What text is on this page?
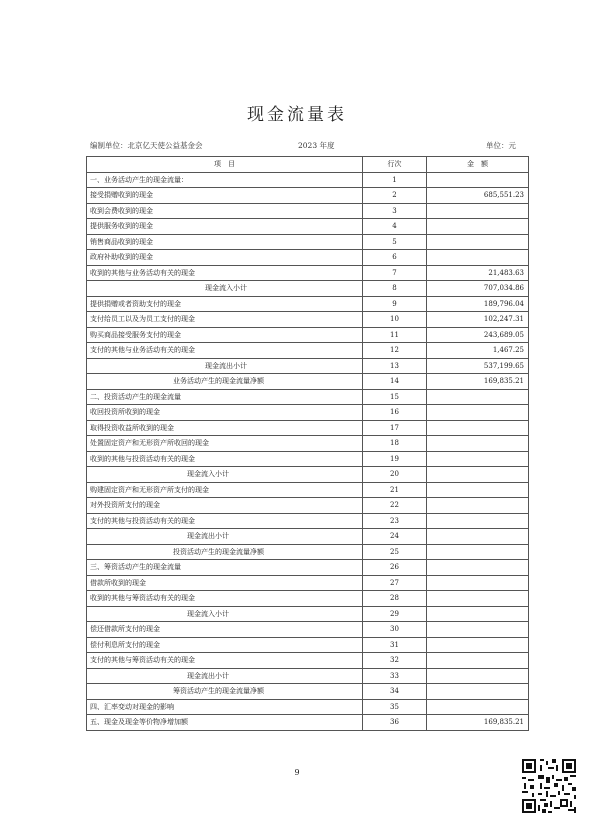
现金流量表
编制单位：北京亿天使公益基金会	2023 年度	单位：元
项　目	行次	金　额
一、业务活动产生的现金流量：	1	
接受捐赠收到的现金	2	685,551.23
收到会费收到的现金	3	
提供服务收到的现金	4	
销售商品收到的现金	5	
政府补助收到的现金	6	
收到的其他与业务活动有关的现金	7	21,483.63
现金流入小计	8	707,034.86
提供捐赠或者资助支付的现金	9	189,796.04
支付给员工以及为员工支付的现金	10	102,247.31
购买商品接受服务支付的现金	11	243,689.05
支付的其他与业务活动有关的现金	12	1,467.25
现金流出小计	13	537,199.65
业务活动产生的现金流量净额	14	169,835.21
二、投资活动产生的现金流量	15	
收回投资所收到的现金	16	
取得投资收益所收到的现金	17	
处置固定资产和无形资产所收回的现金	18	
收到的其他与投资活动有关的现金	19	
现金流入小计	20	
购建固定资产和无形资产所支付的现金	21	
对外投资所支付的现金	22	
支付的其他与投资活动有关的现金	23	
现金流出小计	24	
投资活动产生的现金流量净额	25	
三、筹资活动产生的现金流量	26	
借款所收到的现金	27	
收到的其他与筹资活动有关的现金	28	
现金流入小计	29	
偿还借款所支付的现金	30	
偿付利息所支付的现金	31	
支付的其他与筹资活动有关的现金	32	
现金流出小计	33	
筹资活动产生的现金流量净额	34	
四、汇率变动对现金的影响	35	
五、现金及现金等价物净增加额	36	169,835.21
9
